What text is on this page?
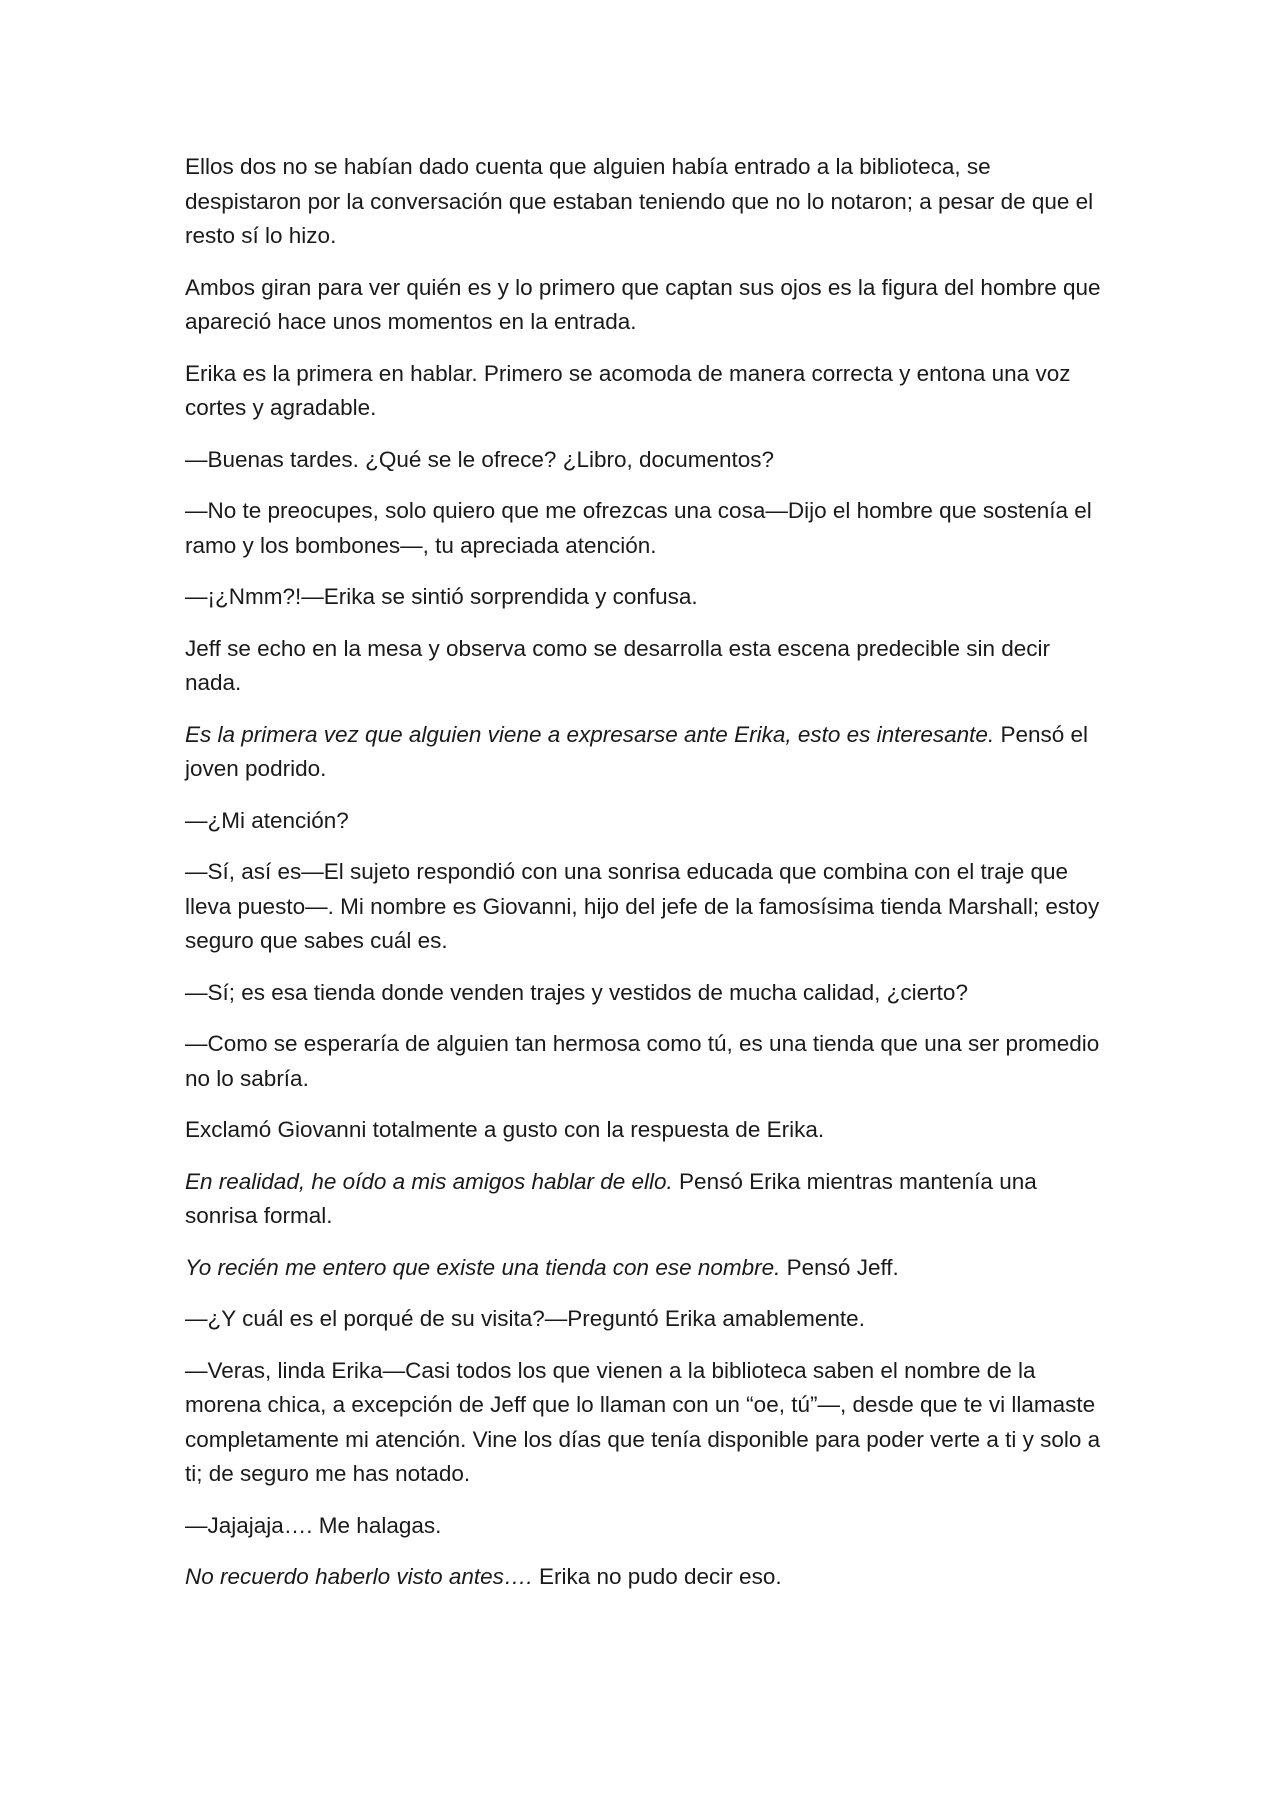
Ellos dos no se habían dado cuenta que alguien había entrado a la biblioteca, se despistaron por la conversación que estaban teniendo que no lo notaron; a pesar de que el resto sí lo hizo.

Ambos giran para ver quién es y lo primero que captan sus ojos es la figura del hombre que apareció hace unos momentos en la entrada.

Erika es la primera en hablar. Primero se acomoda de manera correcta y entona una voz cortes y agradable.

—Buenas tardes. ¿Qué se le ofrece? ¿Libro, documentos?

—No te preocupes, solo quiero que me ofrezcas una cosa—Dijo el hombre que sostenía el ramo y los bombones—, tu apreciada atención.

—¡¿Nmm?!—Erika se sintió sorprendida y confusa.

Jeff se echo en la mesa y observa como se desarrolla esta escena predecible sin decir nada.

Es la primera vez que alguien viene a expresarse ante Erika, esto es interesante. Pensó el joven podrido.

—¿Mi atención?

—Sí, así es—El sujeto respondió con una sonrisa educada que combina con el traje que lleva puesto—. Mi nombre es Giovanni, hijo del jefe de la famosísima tienda Marshall; estoy seguro que sabes cuál es.

—Sí; es esa tienda donde venden trajes y vestidos de mucha calidad, ¿cierto?

—Como se esperaría de alguien tan hermosa como tú, es una tienda que una ser promedio no lo sabría.

Exclamó Giovanni totalmente a gusto con la respuesta de Erika.

En realidad, he oído a mis amigos hablar de ello. Pensó Erika mientras mantenía una sonrisa formal.

Yo recién me entero que existe una tienda con ese nombre. Pensó Jeff.

—¿Y cuál es el porqué de su visita?—Preguntó Erika amablemente.

—Veras, linda Erika—Casi todos los que vienen a la biblioteca saben el nombre de la morena chica, a excepción de Jeff que lo llaman con un “oe, tú”—, desde que te vi llamaste completamente mi atención. Vine los días que tenía disponible para poder verte a ti y solo a ti; de seguro me has notado.

—Jajajaja…. Me halagas.

No recuerdo haberlo visto antes…. Erika no pudo decir eso.
